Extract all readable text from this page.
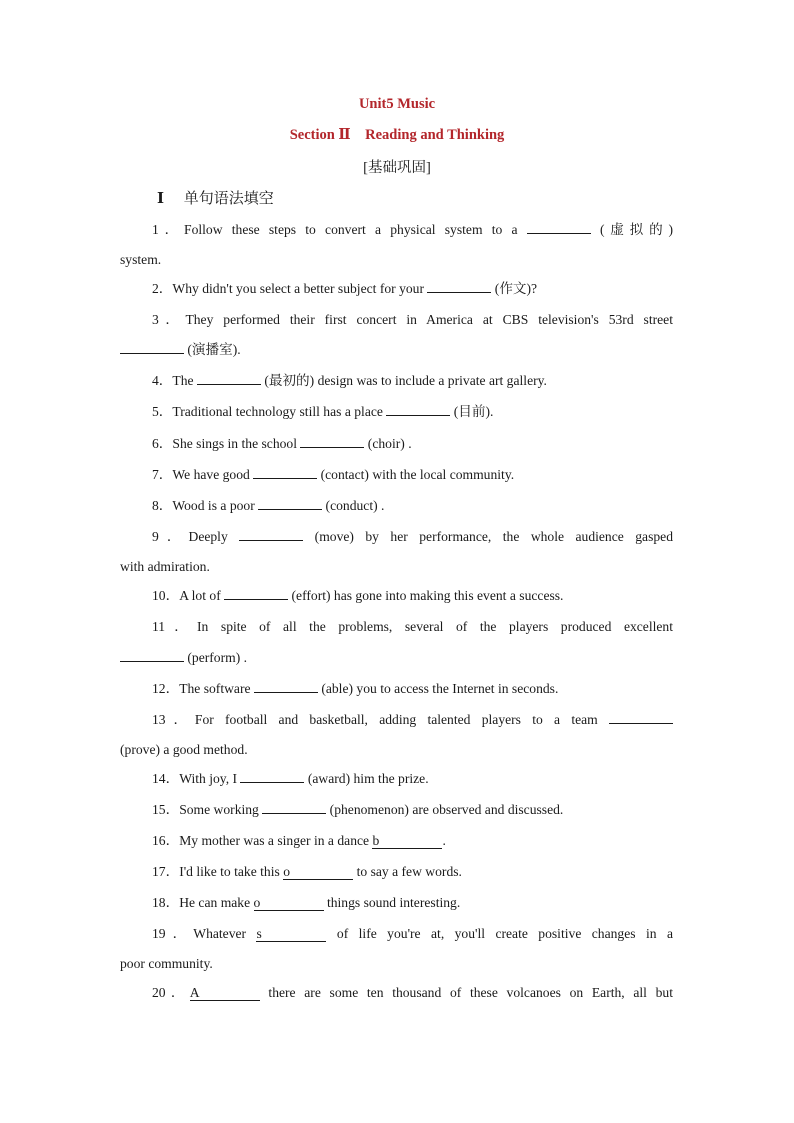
Unit5 Music
Section Ⅱ    Reading and Thinking
[基础巩固]
Ⅰ 单句语法填空
1．Follow these steps to convert a physical system to a	(虚拟的)
system.
2．Why didn't you select a better subject for your	(作文)?
3．They performed their first concert in America at CBS television's 53rd street
(演播室).
4．The	(最初的) design was to include a private art gallery.
5．Traditional technology still has a place	(目前).
6．She sings in the school	(choir) .
7．We have good	(contact) with the local community.
8．Wood is a poor	(conduct) .
9．Deeply	(move) by her performance, the whole audience gasped
with admiration.
10．A lot of	(effort) has gone into making this event a success.
11．In spite of all the problems, several of the players produced excellent
(perform) .
12．The software	(able) you to access the Internet in seconds.
13．For football and basketball, adding talented players to a team
(prove) a good method.
14．With joy, I	(award) him the prize.
15．Some working	(phenomenon) are observed and discussed.
16．My mother was a singer in a dance b	.
17．I'd like to take this o	to say a few words.
18．He can make o	things sound interesting.
19．Whatever s	of life you're at, you'll create positive changes in a
poor community.
20．A	there are some ten thousand of these volcanoes on Earth, all but
